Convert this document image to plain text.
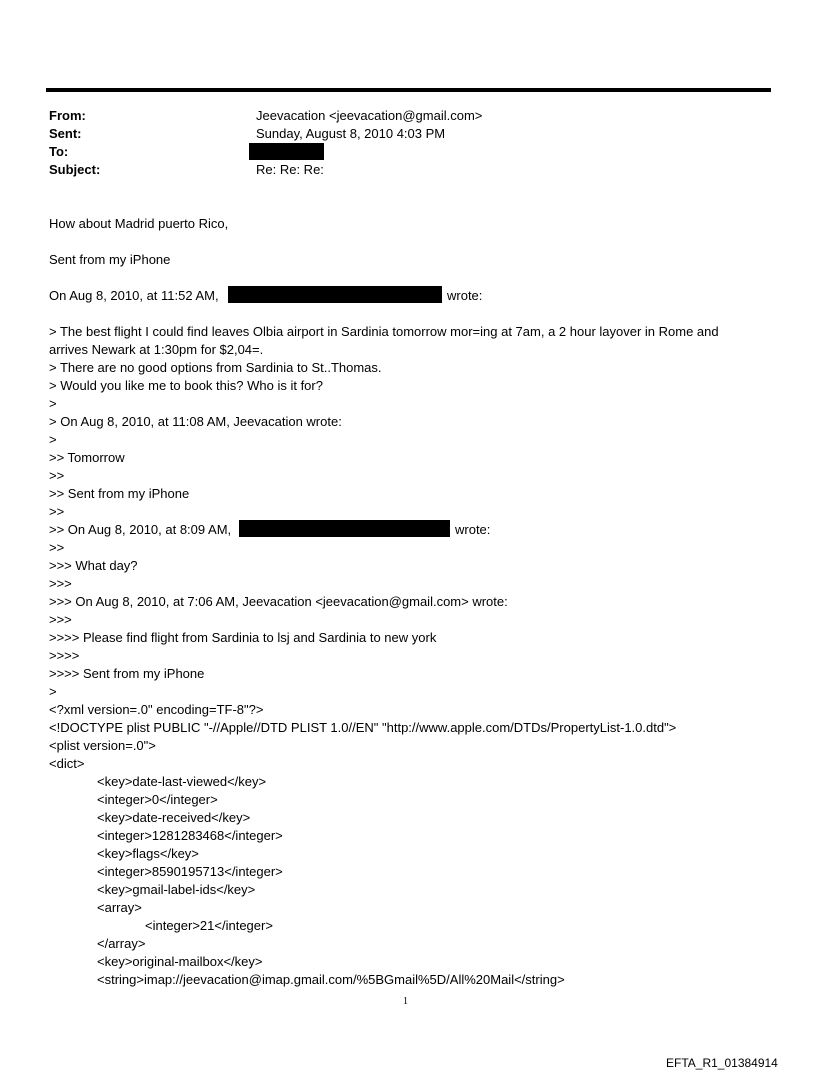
From:	Jeevacation <jeevacation@gmail.com>
Sent:	Sunday, August 8, 2010 4:03 PM
To:
Subject:	Re: Re: Re:
How about Madrid puerto Rico,
Sent from my iPhone
On Aug 8, 2010, at 11:52 AM,	wrote:
> The best flight I could find leaves Olbia airport in Sardinia tomorrow mor=ing at 7am, a 2 hour layover in Rome and
arrives Newark at 1:30pm for $2,04=.
> There are no good options from Sardinia to St..Thomas.
> Would you like me to book this? Who is it for?
>
> On Aug 8, 2010, at 11:08 AM, Jeevacation wrote:
>
>> Tomorrow
>>
>> Sent from my iPhone
>>
>> On Aug 8, 2010, at 8:09 AM,	wrote:
>>
>>> What day?
>>>
>>> On Aug 8, 2010, at 7:06 AM, Jeevacation <jeevacation@gmail.com> wrote:
>>>
>>>> Please find flight from Sardinia to lsj and Sardinia to new york
>>>>
>>>> Sent from my iPhone
>
<?xml version=.0" encoding=TF-8"?>
<!DOCTYPE plist PUBLIC "-//Apple//DTD PLIST 1.0//EN" "http://www.apple.com/DTDs/PropertyList-1.0.dtd">
<plist version=.0">
<dict>
<key>date-last-viewed</key>
<integer>0</integer>
<key>date-received</key>
<integer>1281283468</integer>
<key>flags</key>
<integer>8590195713</integer>
<key>gmail-label-ids</key>
<array>
<integer>21</integer>
</array>
<key>original-mailbox</key>
<string>imap://jeevacation@imap.gmail.com/%5BGmail%5D/All%20Mail</string>
1
EFTA_R1_01384914
